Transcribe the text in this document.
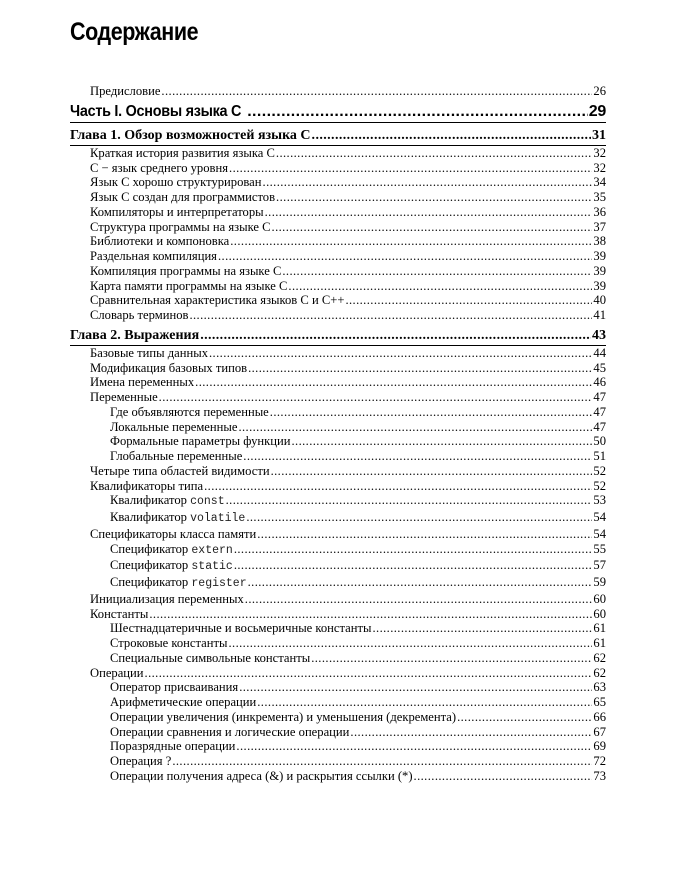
Содержание
Предисловие .....	26
Часть I. Основы языка C .....	29
Глава 1. Обзор возможностей языка C .....	31
Краткая история развития языка C .....	32
C − язык среднего уровня .....	32
Язык C хорошо структурирован .....	34
Язык C создан для программистов .....	35
Компиляторы и интерпретаторы .....	36
Структура программы на языке C .....	37
Библиотеки и компоновка .....	38
Раздельная компиляция .....	39
Компиляция программы на языке C .....	39
Карта памяти программы на языке C .....	39
Сравнительная характеристика языков C и C++ .....	40
Словарь терминов .....	41
Глава 2. Выражения .....	43
Базовые типы данных .....	44
Модификация базовых типов .....	45
Имена переменных .....	46
Переменные .....	47
Где объявляются переменные .....	47
Локальные переменные .....	47
Формальные параметры функции .....	50
Глобальные переменные .....	51
Четыре типа областей видимости .....	52
Квалификаторы типа .....	52
Квалификатор const .....	53
Квалификатор volatile .....	54
Спецификаторы класса памяти .....	54
Спецификатор extern .....	55
Спецификатор static .....	57
Спецификатор register .....	59
Инициализация переменных .....	60
Константы .....	60
Шестнадцатеричные и восьмеричные константы .....	61
Строковые константы .....	61
Специальные символьные константы .....	62
Операции .....	62
Оператор присваивания .....	63
Арифметические операции .....	65
Операции увеличения (инкремента) и уменьшения (декремента) .....	66
Операции сравнения и логические операции .....	67
Поразрядные операции .....	69
Операция ? .....	72
Операции получения адреса (&) и раскрытия ссылки (*) .....	73
